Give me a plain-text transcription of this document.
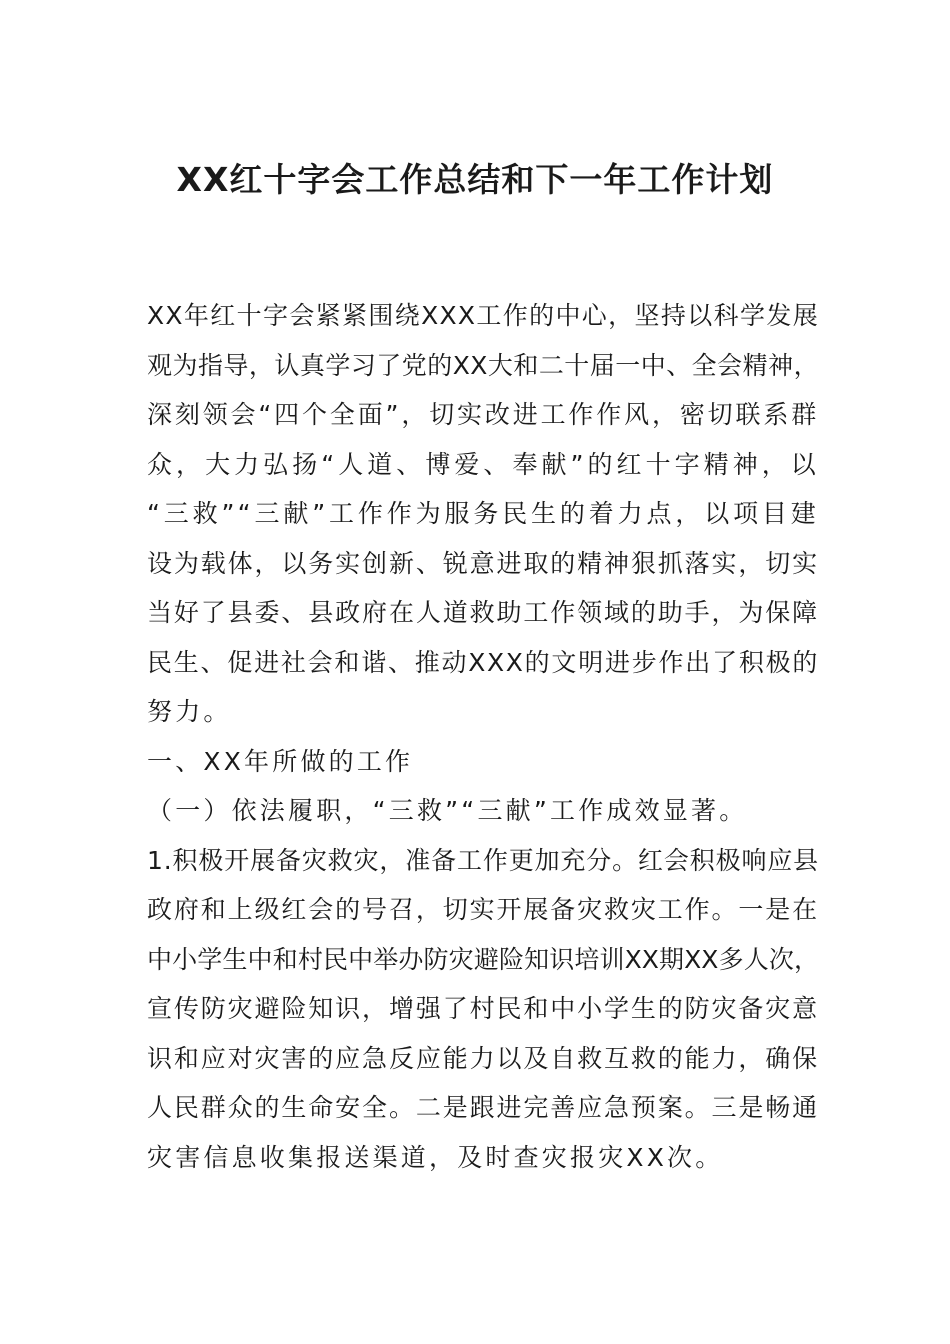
XX红十字会工作总结和下一年工作计划
XX年红十字会紧紧围绕XXX工作的中心，坚持以科学发展
观为指导，认真学习了党的XX大和二十届一中、全会精神，
深刻领会“四个全面”，切实改进工作作风，密切联系群
众，大力弘扬“人道、博爱、奉献”的红十字精神，以
“三救”“三献”工作作为服务民生的着力点，以项目建
设为载体，以务实创新、锐意进取的精神狠抓落实，切实
当好了县委、县政府在人道救助工作领域的助手，为保障
民生、促进社会和谐、推动XXX的文明进步作出了积极的
努力。
一、XX年所做的工作
（一）依法履职，“三救”“三献”工作成效显著。
1.积极开展备灾救灾，准备工作更加充分。红会积极响应县
政府和上级红会的号召，切实开展备灾救灾工作。一是在
中小学生中和村民中举办防灾避险知识培训XX期XX多人次，
宣传防灾避险知识，增强了村民和中小学生的防灾备灾意
识和应对灾害的应急反应能力以及自救互救的能力，确保
人民群众的生命安全。二是跟进完善应急预案。三是畅通
灾害信息收集报送渠道，及时查灾报灾XX次。
